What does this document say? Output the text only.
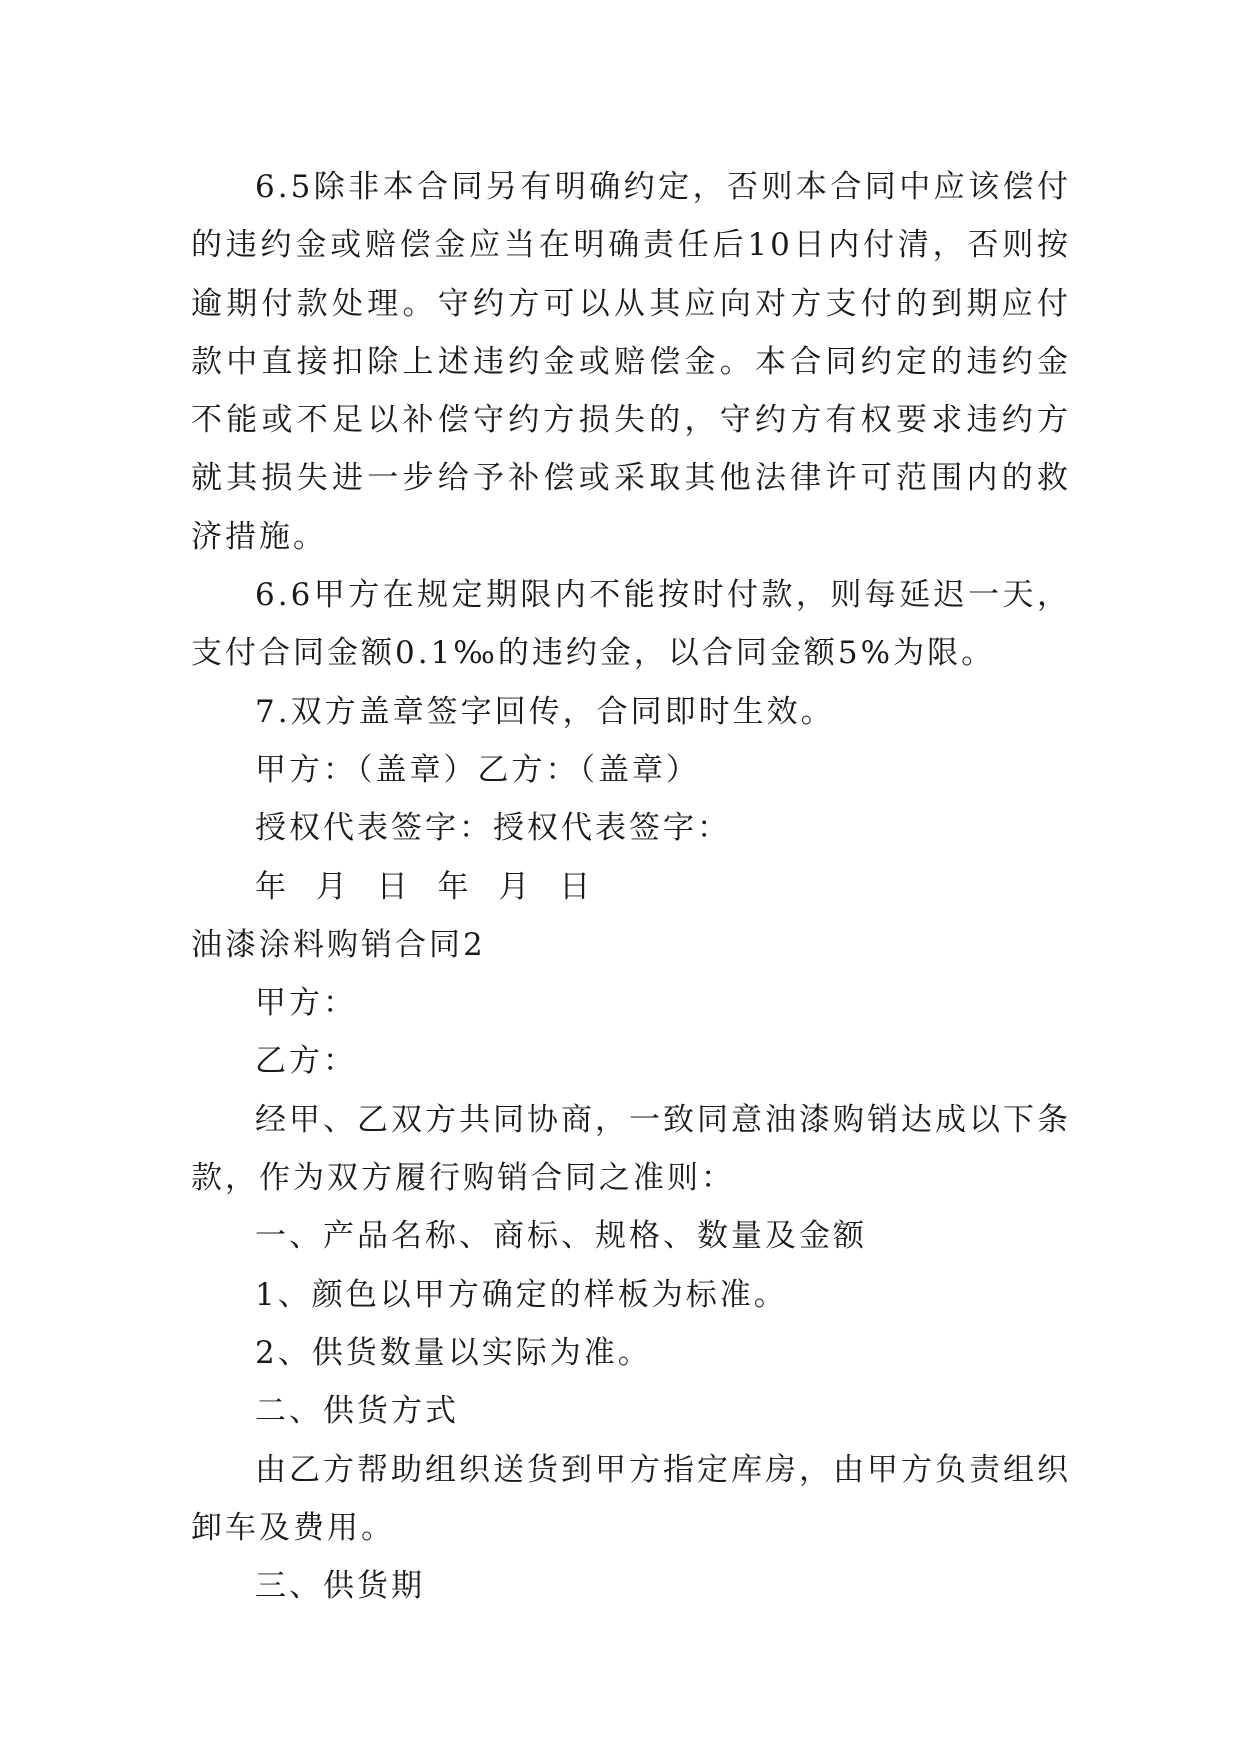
6.5除非本合同另有明确约定，否则本合同中应该偿付的违约金或赔偿金应当在明确责任后10日内付清，否则按逾期付款处理。守约方可以从其应向对方支付的到期应付款中直接扣除上述违约金或赔偿金。本合同约定的违约金不能或不足以补偿守约方损失的，守约方有权要求违约方就其损失进一步给予补偿或采取其他法律许可范围内的救济措施。

6.6甲方在规定期限内不能按时付款，则每延迟一天，支付合同金额0.1‰的违约金，以合同金额5%为限。

7.双方盖章签字回传，合同即时生效。

甲方：（盖章）乙方：（盖章）

授权代表签字：授权代表签字：

年 月 日 年 月 日

油漆涂料购销合同2

甲方：

乙方：

经甲、乙双方共同协商，一致同意油漆购销达成以下条款，作为双方履行购销合同之准则：

一、产品名称、商标、规格、数量及金额

1、颜色以甲方确定的样板为标准。

2、供货数量以实际为准。

二、供货方式

由乙方帮助组织送货到甲方指定库房，由甲方负责组织卸车及费用。

三、供货期
